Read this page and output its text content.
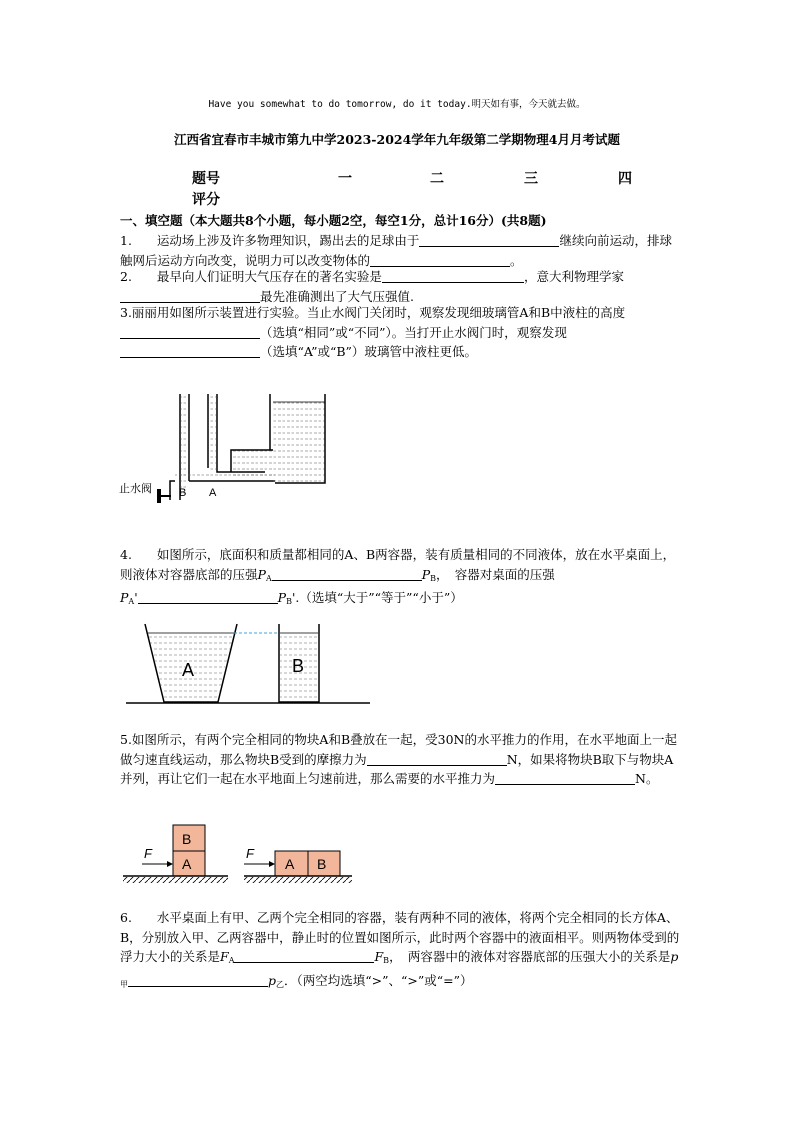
Have you somewhat to do tomorrow, do it today.明天如有事，今天就去做。
江西省宜春市丰城市第九中学2023-2024学年九年级第二学期物理4月月考试题
题号	一	二	三	四
评分
一、填空题（本大题共8个小题，每小题2空，每空1分，总计16分）(共8题)
1.　　运动场上涉及许多物理知识，踢出去的足球由于	继续向前运动，排球触网后运动方向改变，说明力可以改变物体的	。
2.　　最早向人们证明大气压存在的著名实验是	，意大利物理学家
最先准确测出了大气压强值.
3.丽丽用如图所示装置进行实验。当止水阀门关闭时，观察发现细玻璃管A和B中液柱的高度（选填“相同”或“不同”）。当打开止水阀门时，观察发现（选填“A”或“B”）玻璃管中液柱更低。
止水阀 B A
4.　　如图所示，底面积和质量都相同的A、B两容器，装有质量相同的不同液体，放在水平桌面上，则液体对容器底部的压强$P_A$	$P_B$，　容器对桌面的压强
$P_A'$	$P_B'$.（选填“大于”“等于”“小于”）
A	B
5.如图所示，有两个完全相同的物块A和B叠放在一起，受30N的水平推力的作用，在水平地面上一起做匀速直线运动，那么物块B受到的摩擦力为	N，如果将物块B取下与物块A并列，再让它们一起在水平地面上匀速前进，那么需要的水平推力为	N。
F
B
A
F
A B
6.　　水平桌面上有甲、乙两个完全相同的容器，装有两种不同的液体，将两个完全相同的长方体A、B，分别放入甲、乙两容器中，静止时的位置如图所示，此时两个容器中的液面相平。则两物体受到的浮力大小的关系是$F_A$	$F_B$，　两容器中的液体对容器底部的压强大小的关系是$p_甲$	$p_乙$．（两空均选填“>”、“>”或“=”）
